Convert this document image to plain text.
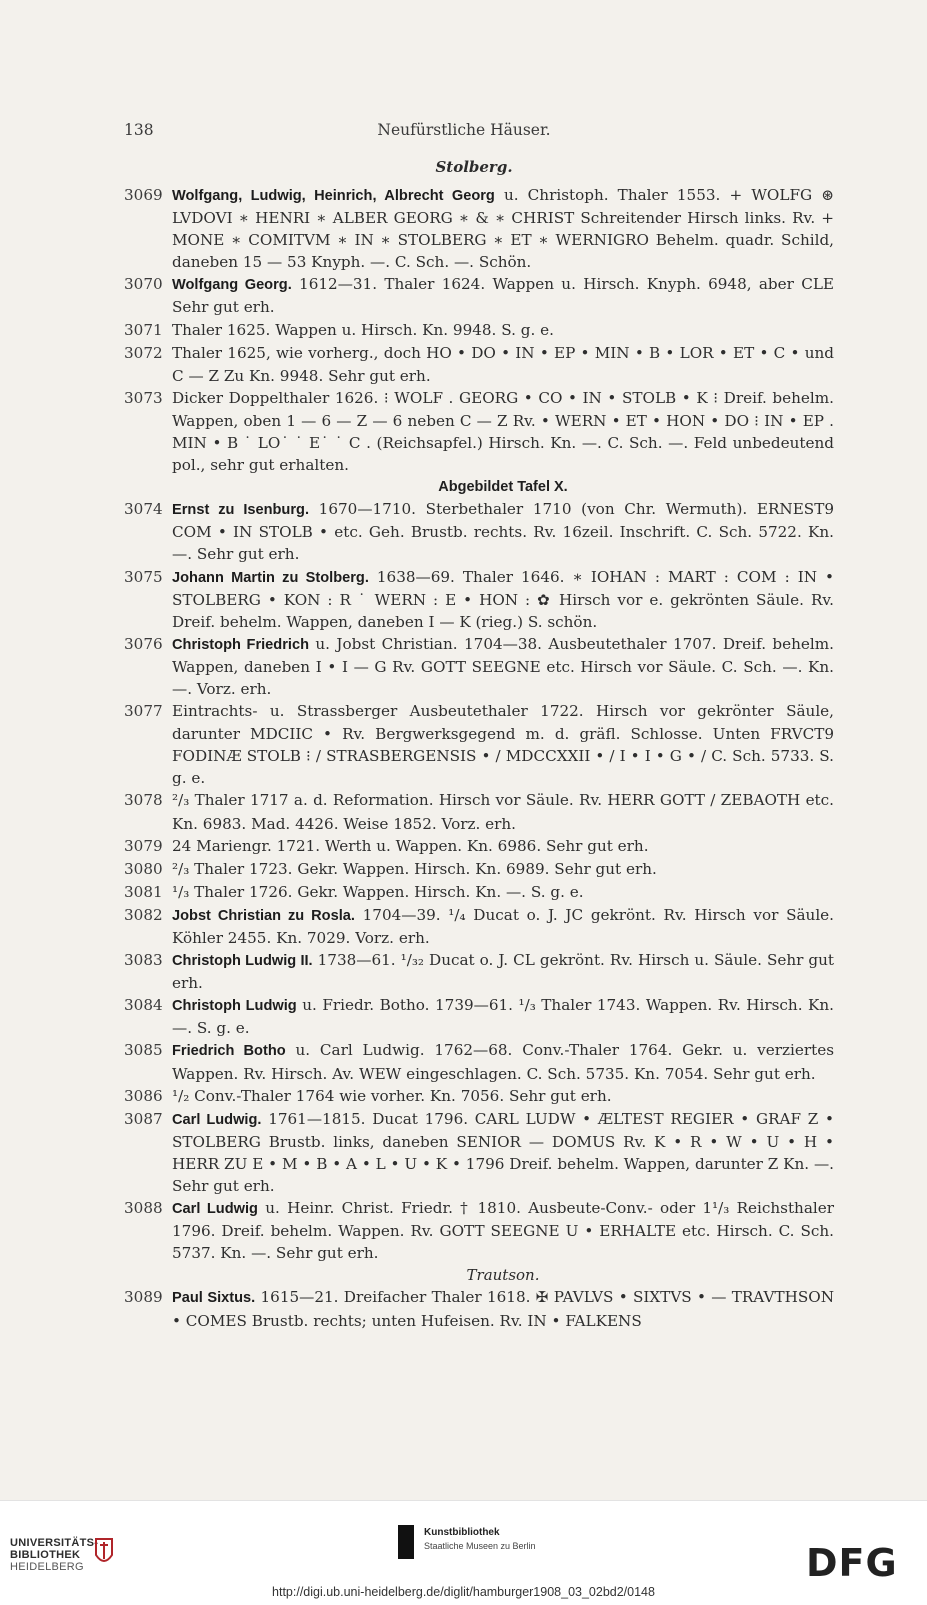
138	Neufürstliche Häuser.
Stolberg.
3069 Wolfgang, Ludwig, Heinrich, Albrecht Georg u. Christoph. Thaler 1553. + WOLFG ⊛ LVDOVI ∗ HENRI ∗ ALBER GEORG ∗ & ∗ CHRIST Schreitender Hirsch links. Rv. + MONE ∗ COMITVM ∗ IN ∗ STOLBERG ∗ ET ∗ WERNIGRO Behelm. quadr. Schild, daneben 15 — 53 Knyph. —. C. Sch. —. Schön.
3070 Wolfgang Georg. 1612—31. Thaler 1624. Wappen u. Hirsch. Knyph. 6948, aber CLE Sehr gut erh.
3071 Thaler 1625. Wappen u. Hirsch. Kn. 9948. S. g. e.
3072 Thaler 1625, wie vorherg., doch HO • DO • IN • EP • MIN • B • LOR • ET • C • und C — Z Zu Kn. 9948. Sehr gut erh.
3073 Dicker Doppelthaler 1626. ⁝ WOLF . GEORG • CO • IN • STOLB • K ⁝ Dreif. behelm. Wappen, oben 1 — 6 — Z — 6 neben C — Z Rv. • WERN • ET • HON • DO ⁝ IN • EP . MIN • B ˙ LO˙ ˙ E˙ ˙ C . (Reichsapfel.) Hirsch. Kn. —. C. Sch. —. Feld unbedeutend pol., sehr gut erhalten.
Abgebildet Tafel X.
3074 Ernst zu Isenburg. 1670—1710. Sterbethaler 1710 (von Chr. Wermuth). ERNEST9 COM • IN STOLB • etc. Geh. Brustb. rechts. Rv. 16zeil. Inschrift. C. Sch. 5722. Kn. —. Sehr gut erh.
3075 Johann Martin zu Stolberg. 1638—69. Thaler 1646. ∗ IOHAN : MART : COM : IN • STOLBERG • KON : R ˙ WERN : E • HON : ✿ Hirsch vor e. gekrönten Säule. Rv. Dreif. behelm. Wappen, daneben I — K (rieg.) S. schön.
3076 Christoph Friedrich u. Jobst Christian. 1704—38. Ausbeutethaler 1707. Dreif. behelm. Wappen, daneben I • I — G Rv. GOTT SEEGNE etc. Hirsch vor Säule. C. Sch. —. Kn. —. Vorz. erh.
3077 Eintrachts- u. Strassberger Ausbeutethaler 1722. Hirsch vor gekrönter Säule, darunter MDCIIC • Rv. Bergwerksgegend m. d. gräfl. Schlosse. Unten FRVCT9 FODINÆ STOLB ⁝ / STRASBERGENSIS • / MDCCXXII • / I • I • G • / C. Sch. 5733. S. g. e.
3078 ²/₃ Thaler 1717 a. d. Reformation. Hirsch vor Säule. Rv. HERR GOTT / ZEBAOTH etc. Kn. 6983. Mad. 4426. Weise 1852. Vorz. erh.
3079 24 Mariengr. 1721. Werth u. Wappen. Kn. 6986. Sehr gut erh.
3080 ²/₃ Thaler 1723. Gekr. Wappen. Hirsch. Kn. 6989. Sehr gut erh.
3081 ¹/₃ Thaler 1726. Gekr. Wappen. Hirsch. Kn. —. S. g. e.
3082 Jobst Christian zu Rosla. 1704—39. ¹/₄ Ducat o. J. JC gekrönt. Rv. Hirsch vor Säule. Köhler 2455. Kn. 7029. Vorz. erh.
3083 Christoph Ludwig II. 1738—61. ¹/₃₂ Ducat o. J. CL gekrönt. Rv. Hirsch u. Säule. Sehr gut erh.
3084 Christoph Ludwig u. Friedr. Botho. 1739—61. ¹/₃ Thaler 1743. Wappen. Rv. Hirsch. Kn. —. S. g. e.
3085 Friedrich Botho u. Carl Ludwig. 1762—68. Conv.-Thaler 1764. Gekr. u. verziertes Wappen. Rv. Hirsch. Av. WEW eingeschlagen. C. Sch. 5735. Kn. 7054. Sehr gut erh.
3086 ¹/₂ Conv.-Thaler 1764 wie vorher. Kn. 7056. Sehr gut erh.
3087 Carl Ludwig. 1761—1815. Ducat 1796. CARL LUDW • ÆLTEST REGIER • GRAF Z • STOLBERG Brustb. links, daneben SENIOR — DOMUS Rv. K • R • W • U • H • HERR ZU E • M • B • A • L • U • K • 1796 Dreif. behelm. Wappen, darunter Z Kn. —. Sehr gut erh.
3088 Carl Ludwig u. Heinr. Christ. Friedr. † 1810. Ausbeute-Conv.- oder 1¹/₃ Reichsthaler 1796. Dreif. behelm. Wappen. Rv. GOTT SEEGNE U • ERHALTE etc. Hirsch. C. Sch. 5737. Kn. —. Sehr gut erh.
Trautson.
3089 Paul Sixtus. 1615—21. Dreifacher Thaler 1618. ✠ PAVLVS • SIXTVS • — TRAVTHSON • COMES Brustb. rechts; unten Hufeisen. Rv. IN • FALKENS
UNIVERSITÄTS-
BIBLIOTHEK
HEIDELBERG
Kunstbibliothek
Staatliche Museen zu Berlin	DFG
http://digi.ub.uni-heidelberg.de/diglit/hamburger1908_03_02bd2/0148
